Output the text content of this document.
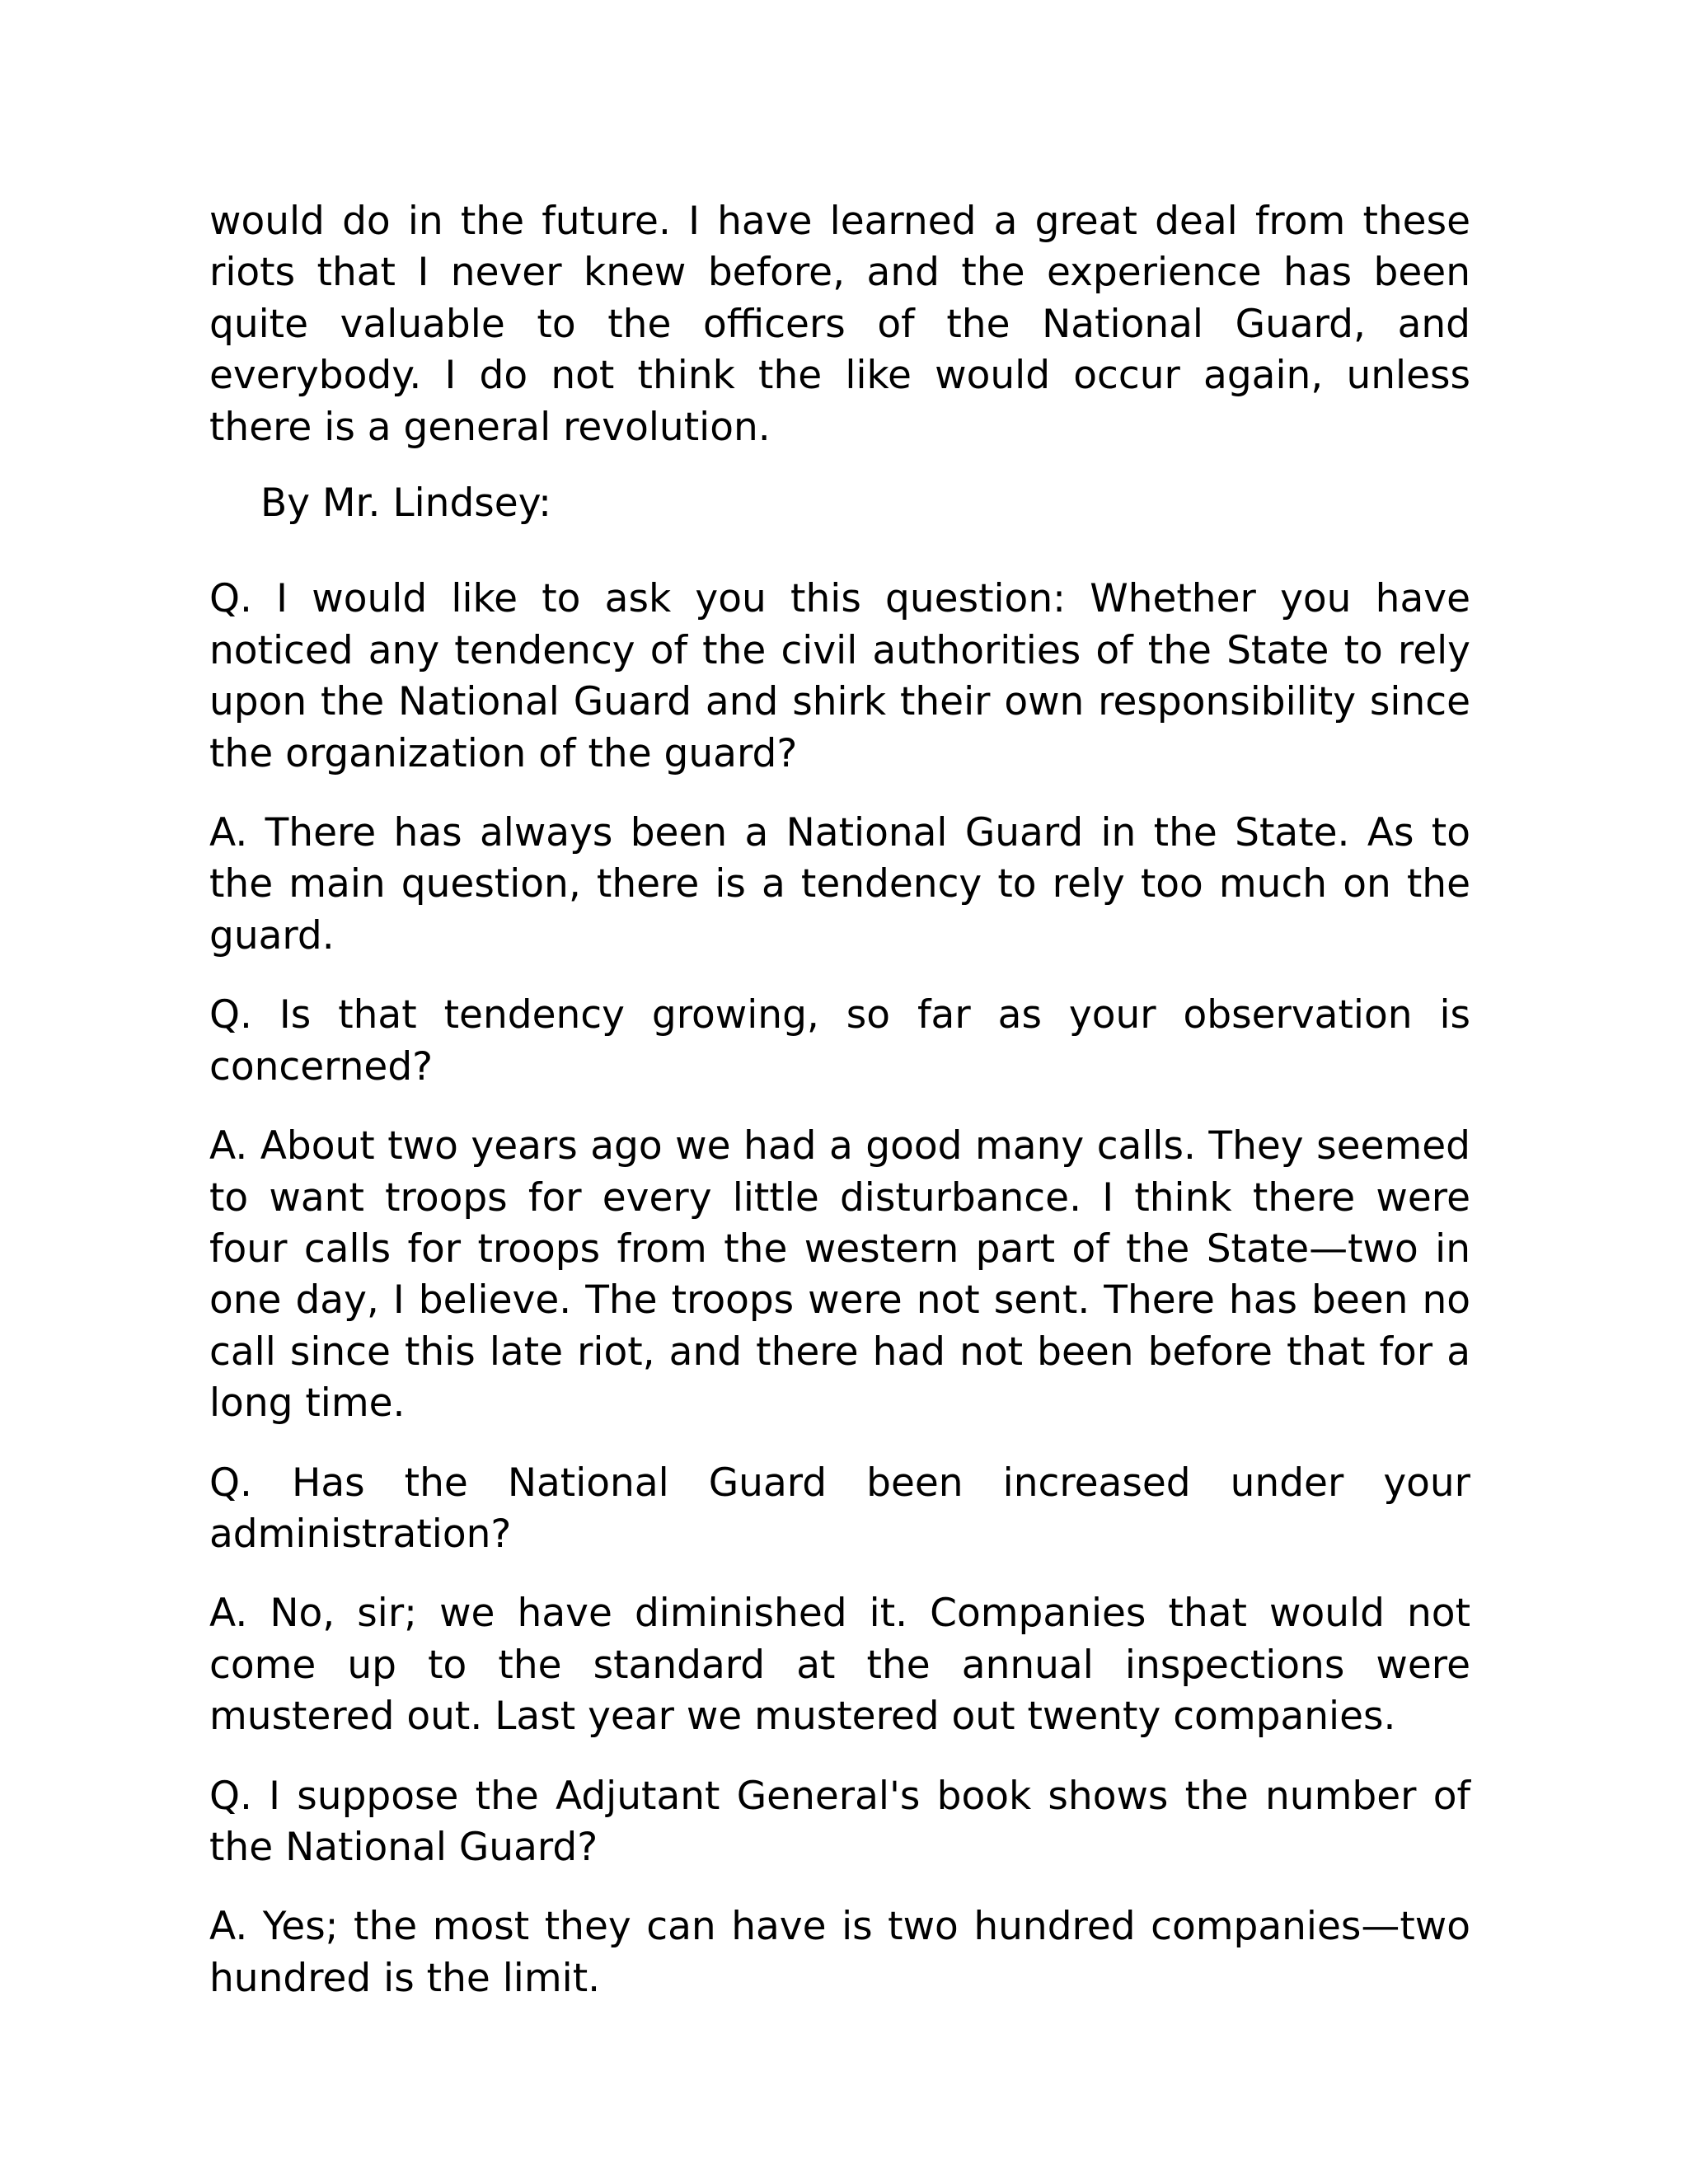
would do in the future. I have learned a great deal from these riots that I never knew before, and the experience has been quite valuable to the officers of the National Guard, and everybody. I do not think the like would occur again, unless there is a general revolution.

By Mr. Lindsey:

Q. I would like to ask you this question: Whether you have noticed any tendency of the civil authorities of the State to rely upon the National Guard and shirk their own responsibility since the organization of the guard?

A. There has always been a National Guard in the State. As to the main question, there is a tendency to rely too much on the guard.

Q. Is that tendency growing, so far as your observation is concerned?

A. About two years ago we had a good many calls. They seemed to want troops for every little disturbance. I think there were four calls for troops from the western part of the State—two in one day, I believe. The troops were not sent. There has been no call since this late riot, and there had not been before that for a long time.

Q. Has the National Guard been increased under your administration?

A. No, sir; we have diminished it. Companies that would not come up to the standard at the annual inspections were mustered out. Last year we mustered out twenty companies.

Q. I suppose the Adjutant General's book shows the number of the National Guard?

A. Yes; the most they can have is two hundred companies—two hundred is the limit.
